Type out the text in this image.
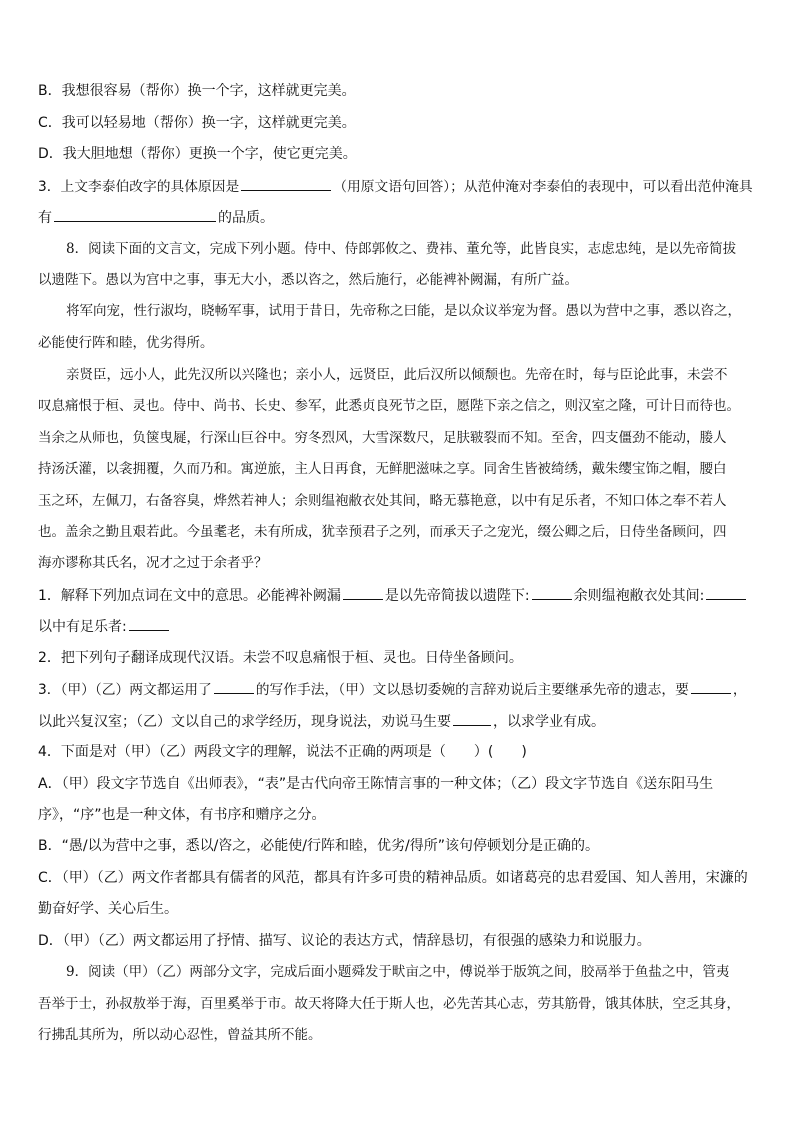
B．我想很容易（帮你）换一个字，这样就更完美。
C．我可以轻易地（帮你）换一字，这样就更完美。
D．我大胆地想（帮你）更换一个字，使它更完美。
3．上文李泰伯改字的具体原因是	（用原文语句回答）；从范仲淹对李泰伯的表现中，可以看出范仲淹具
有	的品质。
8．阅读下面的文言文，完成下列小题。侍中、侍郎郭攸之、费祎、董允等，此皆良实，志虑忠纯，是以先帝简拔
以遗陛下。愚以为宫中之事，事无大小，悉以咨之，然后施行，必能裨补阙漏，有所广益。
将军向宠，性行淑均，晓畅军事，试用于昔日，先帝称之曰能，是以众议举宠为督。愚以为营中之事，悉以咨之，
必能使行阵和睦，优劣得所。
亲贤臣，远小人，此先汉所以兴隆也；亲小人，远贤臣，此后汉所以倾颓也。先帝在时，每与臣论此事，未尝不
叹息痛恨于桓、灵也。侍中、尚书、长史、参军，此悉贞良死节之臣，愿陛下亲之信之，则汉室之隆，可计日而待也。
当余之从师也，负箧曳屣，行深山巨谷中。穷冬烈风，大雪深数尺，足肤皲裂而不知。至舍，四支僵劲不能动，媵人
持汤沃灌，以衾拥覆，久而乃和。寓逆旅，主人日再食，无鲜肥滋味之享。同舍生皆被绮绣，戴朱缨宝饰之帽，腰白
玉之环，左佩刀，右备容臭，烨然若神人；余则缊袍敝衣处其间，略无慕艳意，以中有足乐者，不知口体之奉不若人
也。盖余之勤且艰若此。今虽耄老，未有所成，犹幸预君子之列，而承天子之宠光，缀公卿之后，日侍坐备顾问，四
海亦谬称其氏名，况才之过于余者乎？
1．解释下列加点词在文中的意思。必能裨补阙漏	是以先帝简拔以遗陛下:	余则缊袍敝衣处其间:
以中有足乐者:
2．把下列句子翻译成现代汉语。未尝不叹息痛恨于桓、灵也。日侍坐备顾问。
3．（甲）（乙）两文都运用了	的写作手法，（甲）文以恳切委婉的言辞劝说后主要继承先帝的遗志，要	，
以此兴复汉室；（乙）文以自己的求学经历，现身说法，劝说马生要	，以求学业有成。
4．下面是对（甲）（乙）两段文字的理解，说法不正确的两项是（　　）(　　)
A．（甲）段文字节选自《出师表》，“表”是古代向帝王陈情言事的一种文体；（乙）段文字节选自《送东阳马生
序》，“序”也是一种文体，有书序和赠序之分。
B．“愚/以为营中之事，悉以/咨之，必能使/行阵和睦，优劣/得所”该句停顿划分是正确的。
C．（甲）（乙）两文作者都具有儒者的风范，都具有许多可贵的精神品质。如诸葛亮的忠君爱国、知人善用，宋濂的
勤奋好学、关心后生。
D．（甲）（乙）两文都运用了抒情、描写、议论的表达方式，情辞恳切，有很强的感染力和说服力。
9．阅读（甲）（乙）两部分文字，完成后面小题舜发于畎亩之中，傅说举于版筑之间，胶鬲举于鱼盐之中，管夷
吾举于士，孙叔敖举于海，百里奚举于市。故天将降大任于斯人也，必先苦其心志，劳其筋骨，饿其体肤，空乏其身，
行拂乱其所为，所以动心忍性，曾益其所不能。
